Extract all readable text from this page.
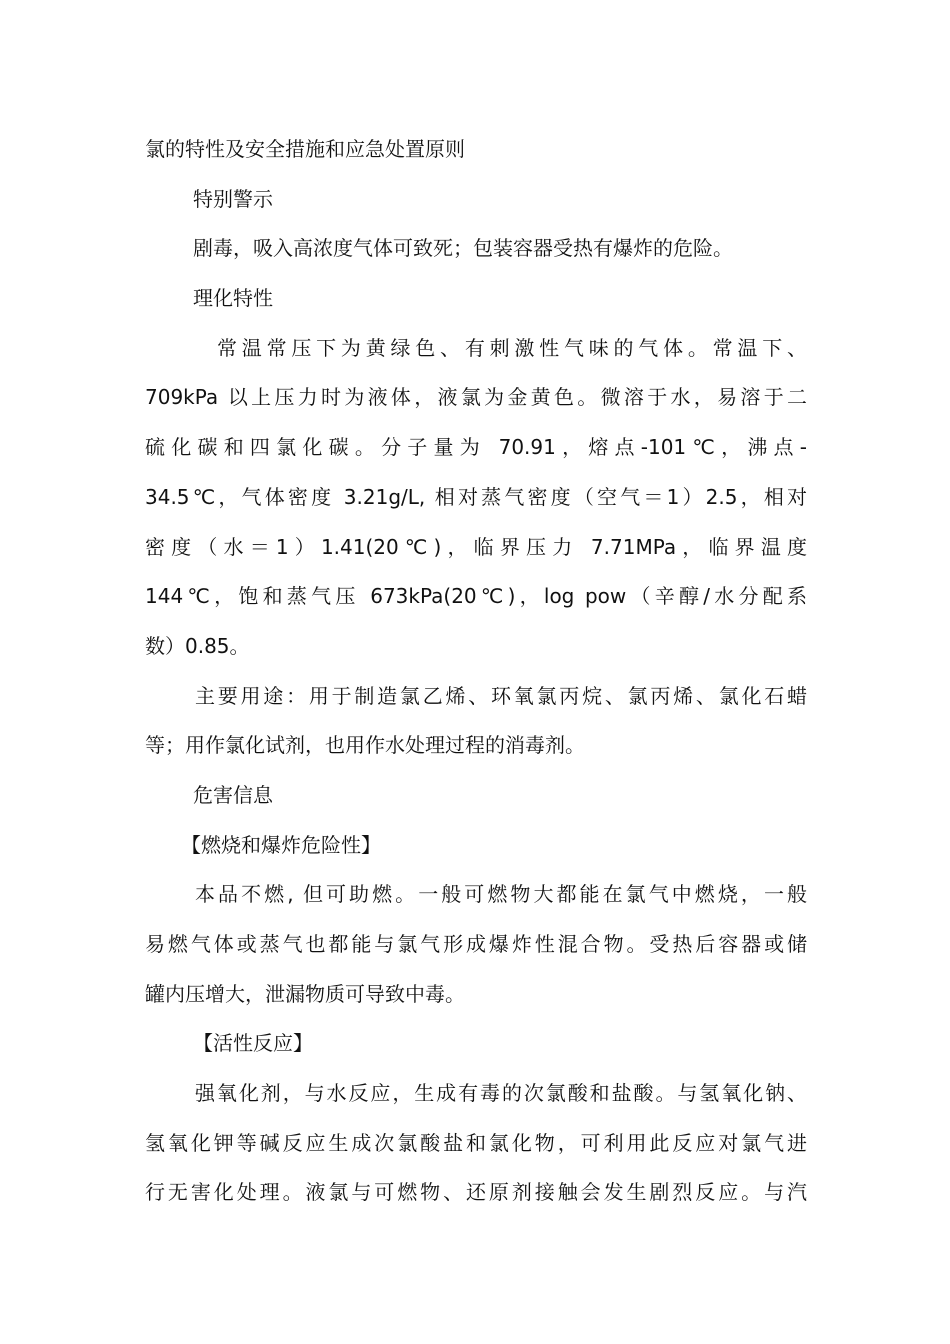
氯的特性及安全措施和应急处置原则
特别警示
剧毒，吸入高浓度气体可致死；包装容器受热有爆炸的危险。
理化特性
常温常压下为黄绿色、有刺激性气味的气体。常温下、
709kPa 以上压力时为液体，液氯为金黄色。微溶于水，易溶于二
硫化碳和四氯化碳。分子量为 70.91，熔点-101℃，沸点-
34.5℃，气体密度 3.21g/L, 相对蒸气密度（空气＝1）2.5，相对
密度（水＝1）1.41(20℃)，临界压力 7.71MPa，临界温度
144℃，饱和蒸气压 673kPa(20℃)，log pow（辛醇/水分配系
数）0.85。
主要用途：用于制造氯乙烯、环氧氯丙烷、氯丙烯、氯化石蜡
等；用作氯化试剂，也用作水处理过程的消毒剂。
危害信息
【燃烧和爆炸危险性】
本品不燃, 但可助燃。一般可燃物大都能在氯气中燃烧，一般
易燃气体或蒸气也都能与氯气形成爆炸性混合物。受热后容器或储
罐内压增大，泄漏物质可导致中毒。
【活性反应】
强氧化剂，与水反应，生成有毒的次氯酸和盐酸。与氢氧化钠、
氢氧化钾等碱反应生成次氯酸盐和氯化物，可利用此反应对氯气进
行无害化处理。液氯与可燃物、还原剂接触会发生剧烈反应。与汽
